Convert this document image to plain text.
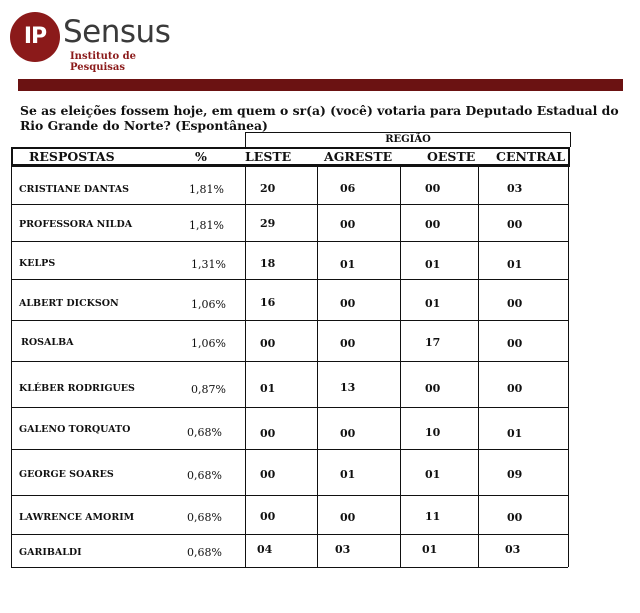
IP Sensus
Instituto de Pesquisas
Se as eleições fossem hoje, em quem o sr(a) (você) votaria para Deputado Estadual do Rio Grande do Norte? (Espontânea)
REGIÃO
RESPOSTAS	%	LESTE	AGRESTE	OESTE CENTRAL
CRISTIANE DANTAS	1,81%	20	06	00	03
PROFESSORA NILDA	1,81%	29	00	00	00
KELPS	1,31%	18	01	01	01
ALBERT DICKSON	1,06%	16	00	01	00
ROSALBA	1,06%	00	00	17	00
KLÉBER RODRIGUES	0,87%	01	13	00	00
GALENO TORQUATO	0,68%	00	00	10	01
GEORGE SOARES	0,68%	00	01	01	09
LAWRENCE AMORIM	0,68%	00	00	11	00
GARIBALDI	0,68%	04	03	01	03
